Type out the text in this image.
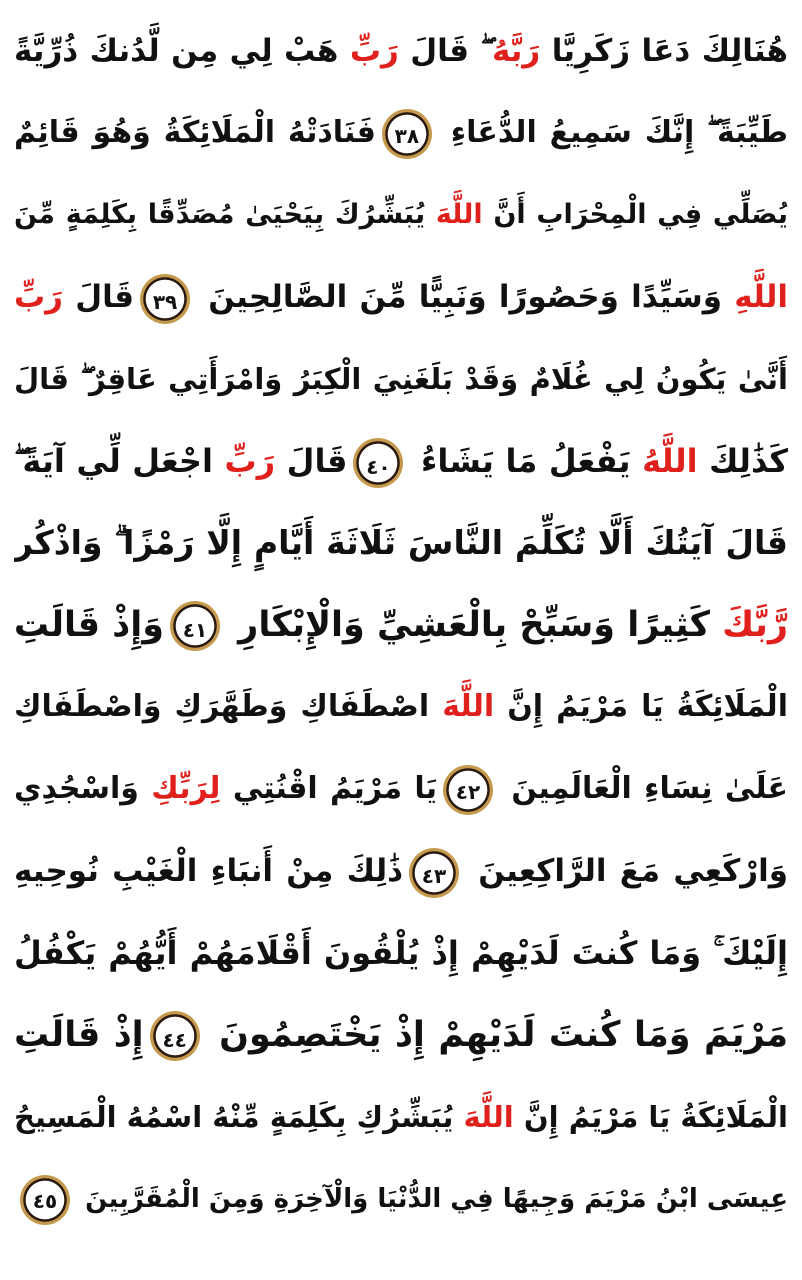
هُنَالِكَ دَعَا زَكَرِيَّا رَبَّهُ ۖ قَالَ رَبِّ هَبْ لِي مِن لَّدُنكَ ذُرِّيَّةً
طَيِّبَةً ۖ إِنَّكَ سَمِيعُ الدُّعَاءِ ٣٨فَنَادَتْهُ الْمَلَائِكَةُ وَهُوَ قَائِمٌ
يُصَلِّي فِي الْمِحْرَابِ أَنَّ اللَّهَ يُبَشِّرُكَ بِيَحْيَىٰ مُصَدِّقًا بِكَلِمَةٍ مِّنَ
اللَّهِ وَسَيِّدًا وَحَصُورًا وَنَبِيًّا مِّنَ الصَّالِحِينَ ٣٩قَالَ رَبِّ
أَنَّىٰ يَكُونُ لِي غُلَامٌ وَقَدْ بَلَغَنِيَ الْكِبَرُ وَامْرَأَتِي عَاقِرٌ ۖ قَالَ
كَذَٰلِكَ اللَّهُ يَفْعَلُ مَا يَشَاءُ ٤٠قَالَ رَبِّ اجْعَل لِّي آيَةً ۖ
قَالَ آيَتُكَ أَلَّا تُكَلِّمَ النَّاسَ ثَلَاثَةَ أَيَّامٍ إِلَّا رَمْزًا ۗ وَاذْكُر
رَّبَّكَ كَثِيرًا وَسَبِّحْ بِالْعَشِيِّ وَالْإِبْكَارِ ٤١وَإِذْ قَالَتِ
الْمَلَائِكَةُ يَا مَرْيَمُ إِنَّ اللَّهَ اصْطَفَاكِ وَطَهَّرَكِ وَاصْطَفَاكِ
عَلَىٰ نِسَاءِ الْعَالَمِينَ ٤٢يَا مَرْيَمُ اقْنُتِي لِرَبِّكِ وَاسْجُدِي
وَارْكَعِي مَعَ الرَّاكِعِينَ ٤٣ذَٰلِكَ مِنْ أَنبَاءِ الْغَيْبِ نُوحِيهِ
إِلَيْكَ ۚ وَمَا كُنتَ لَدَيْهِمْ إِذْ يُلْقُونَ أَقْلَامَهُمْ أَيُّهُمْ يَكْفُلُ
مَرْيَمَ وَمَا كُنتَ لَدَيْهِمْ إِذْ يَخْتَصِمُونَ ٤٤إِذْ قَالَتِ
الْمَلَائِكَةُ يَا مَرْيَمُ إِنَّ اللَّهَ يُبَشِّرُكِ بِكَلِمَةٍ مِّنْهُ اسْمُهُ الْمَسِيحُ
عِيسَى ابْنُ مَرْيَمَ وَجِيهًا فِي الدُّنْيَا وَالْآخِرَةِ وَمِنَ الْمُقَرَّبِينَ ٤٥
